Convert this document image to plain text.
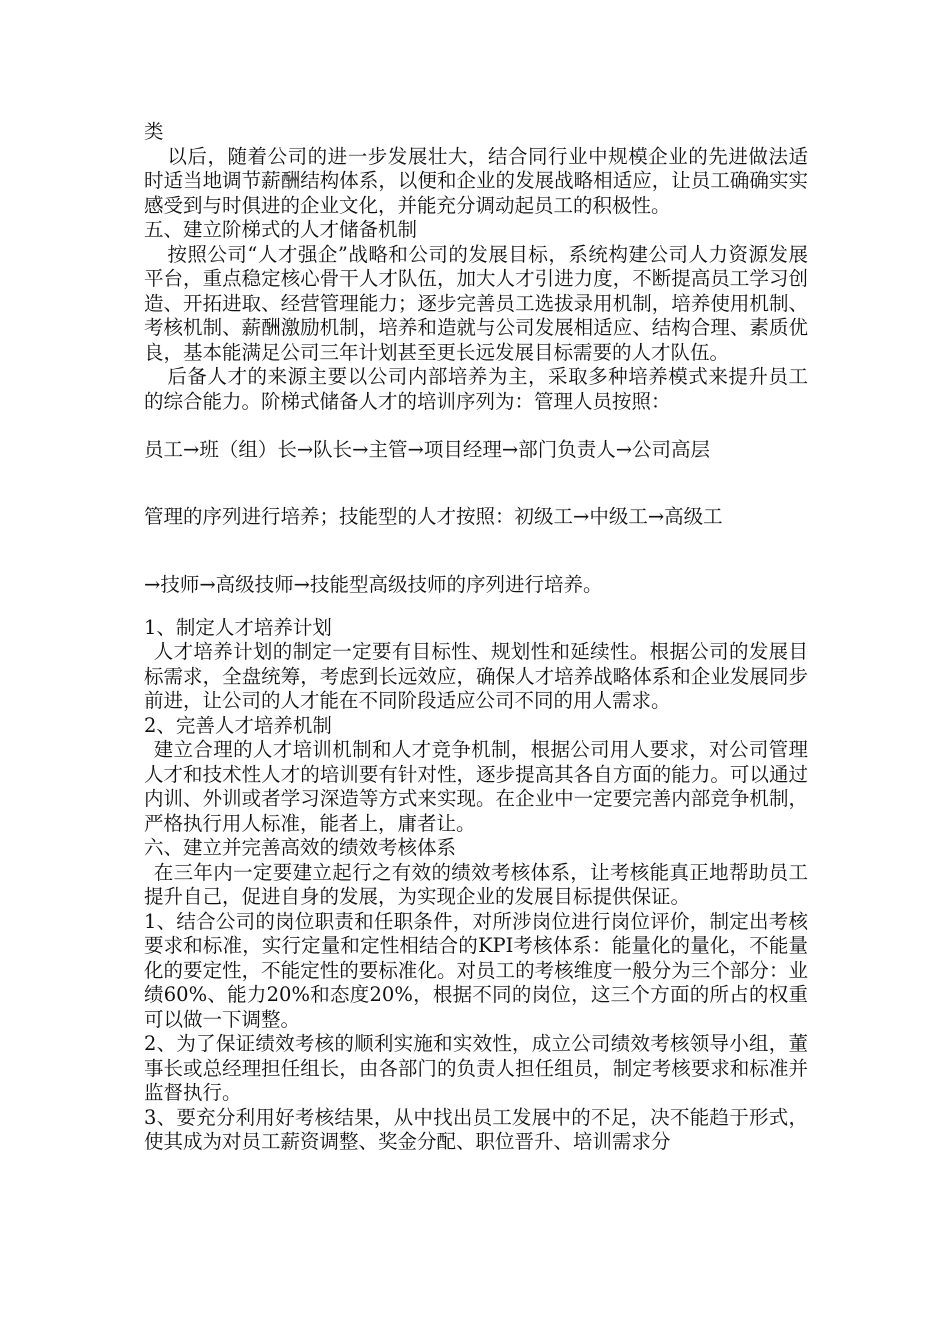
类

以后，随着公司的进一步发展壮大，结合同行业中规模企业的先进做法适时适当地调节薪酬结构体系，以便和企业的发展战略相适应，让员工确确实实感受到与时俱进的企业文化，并能充分调动起员工的积极性。

五、建立阶梯式的人才储备机制

按照公司“人才强企”战略和公司的发展目标，系统构建公司人力资源发展平台，重点稳定核心骨干人才队伍，加大人才引进力度，不断提高员工学习创造、开拓进取、经营管理能力；逐步完善员工选拔录用机制，培养使用机制、考核机制、薪酬激励机制，培养和造就与公司发展相适应、结构合理、素质优良，基本能满足公司三年计划甚至更长远发展目标需要的人才队伍。

后备人才的来源主要以公司内部培养为主，采取多种培养模式来提升员工的综合能力。阶梯式储备人才的培训序列为：管理人员按照：

员工→班（组）长→队长→主管→项目经理→部门负责人→公司高层

管理的序列进行培养；技能型的人才按照：初级工→中级工→高级工

→技师→高级技师→技能型高级技师的序列进行培养。

1、制定人才培养计划

人才培养计划的制定一定要有目标性、规划性和延续性。根据公司的发展目标需求，全盘统筹，考虑到长远效应，确保人才培养战略体系和企业发展同步前进，让公司的人才能在不同阶段适应公司不同的用人需求。

2、完善人才培养机制

建立合理的人才培训机制和人才竞争机制，根据公司用人要求，对公司管理人才和技术性人才的培训要有针对性，逐步提高其各自方面的能力。可以通过内训、外训或者学习深造等方式来实现。在企业中一定要完善内部竞争机制，严格执行用人标准，能者上，庸者让。

六、建立并完善高效的绩效考核体系

在三年内一定要建立起行之有效的绩效考核体系，让考核能真正地帮助员工提升自己，促进自身的发展，为实现企业的发展目标提供保证。

1、结合公司的岗位职责和任职条件，对所涉岗位进行岗位评价，制定出考核要求和标准，实行定量和定性相结合的KPI考核体系：能量化的量化，不能量化的要定性，不能定性的要标准化。对员工的考核维度一般分为三个部分：业绩60%、能力20%和态度20%，根据不同的岗位，这三个方面的所占的权重可以做一下调整。

2、为了保证绩效考核的顺利实施和实效性，成立公司绩效考核领导小组，董事长或总经理担任组长，由各部门的负责人担任组员，制定考核要求和标准并监督执行。

3、要充分利用好考核结果，从中找出员工发展中的不足，决不能趋于形式，使其成为对员工薪资调整、奖金分配、职位晋升、培训需求分
